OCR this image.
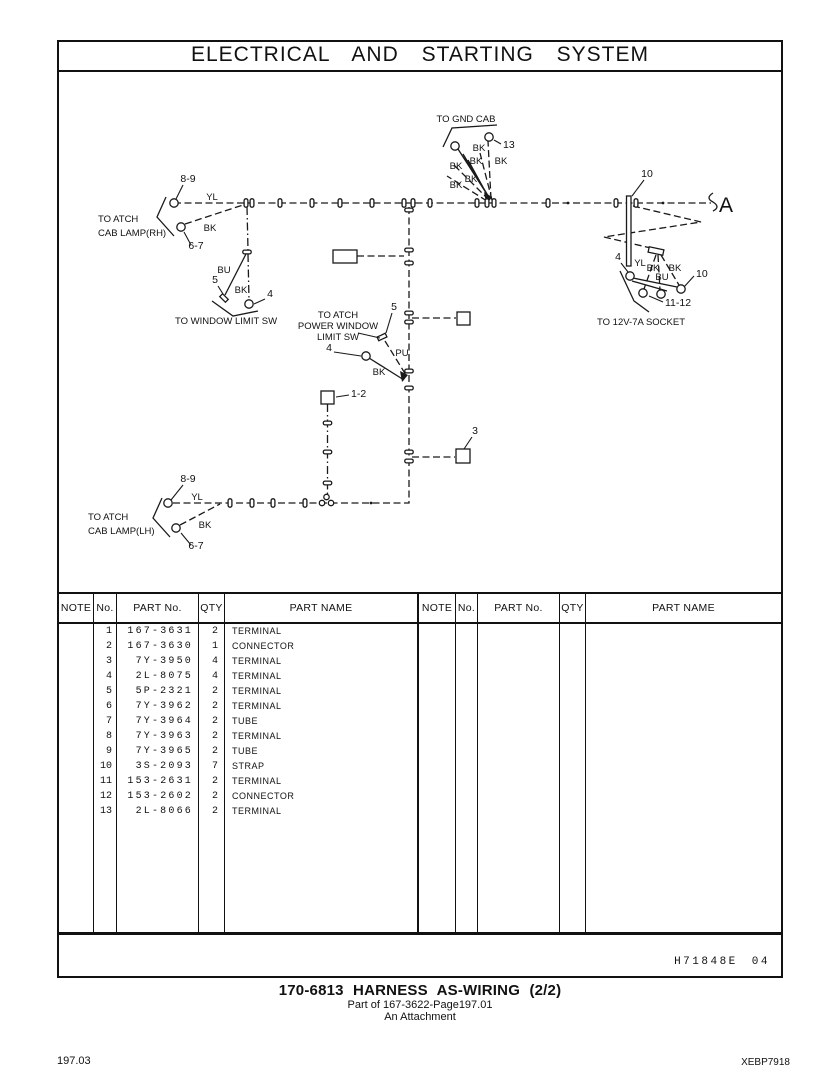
ELECTRICAL AND STARTING SYSTEM
TO GND CAB
13
BK
BK
BK	BK
BK
BK
8-9
YL
TO ATCH
CAB LAMP(RH)	BK
6-7
5
BU
BK 4
TO WINDOW LIMIT SW
TO ATCH
POWER WINDOW
LIMIT SW
5
4	PU
BK
1-2
3
10
A
4
YL BK BK
BU	10
11-12
TO 12V-7A SOCKET
8-9
YL
TO ATCH
CAB LAMP(LH)
BK
6-7
NOTE No.	PART No.	QTY	PART NAME	NOTE No.	PART No.	QTY	PART NAME
1	167-3631	2	TERMINAL
2	167-3630	1	CONNECTOR
3	7Y-3950	4	TERMINAL
4	2L-8075	4	TERMINAL
5	5P-2321	2	TERMINAL
6	7Y-3962	2	TERMINAL
7	7Y-3964	2	TUBE
8	7Y-3963	2	TERMINAL
9	7Y-3965	2	TUBE
10	3S-2093	7	STRAP
11	153-2631	2	TERMINAL
12	153-2602	2	CONNECTOR
13	2L-8066	2	TERMINAL
H71848E 04
170-6813 HARNESS AS-WIRING (2/2)
Part of 167-3622-Page197.01
An Attachment
197.03	XEBP7918
